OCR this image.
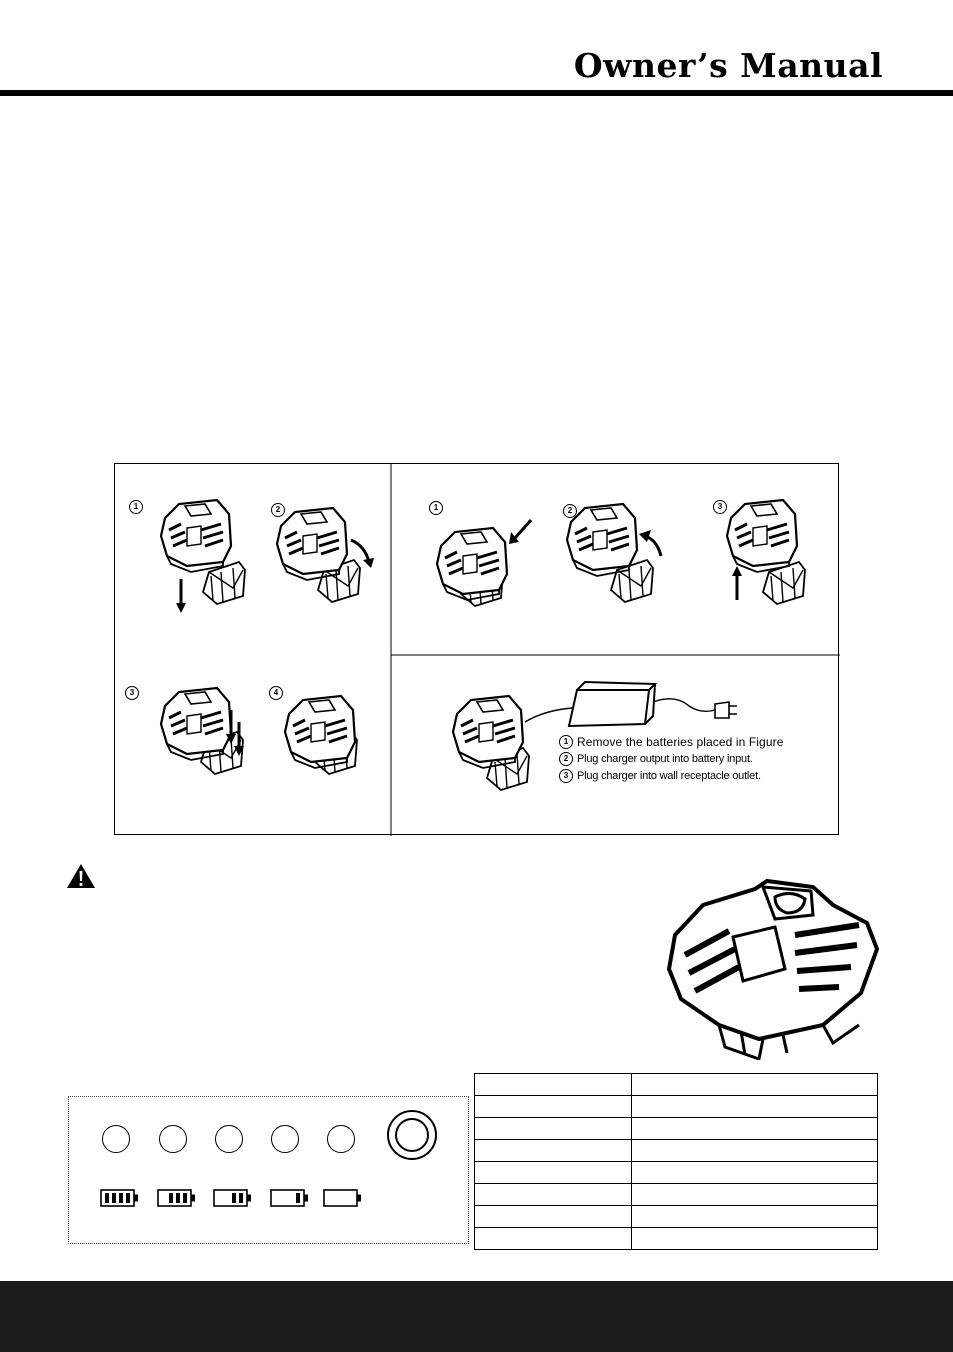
Owner’s Manual
1	2
3	4
1	2	3
1 Remove the batteries placed in Figure
2 Plug charger output into battery input.
3 Plug charger into wall receptacle outlet.
